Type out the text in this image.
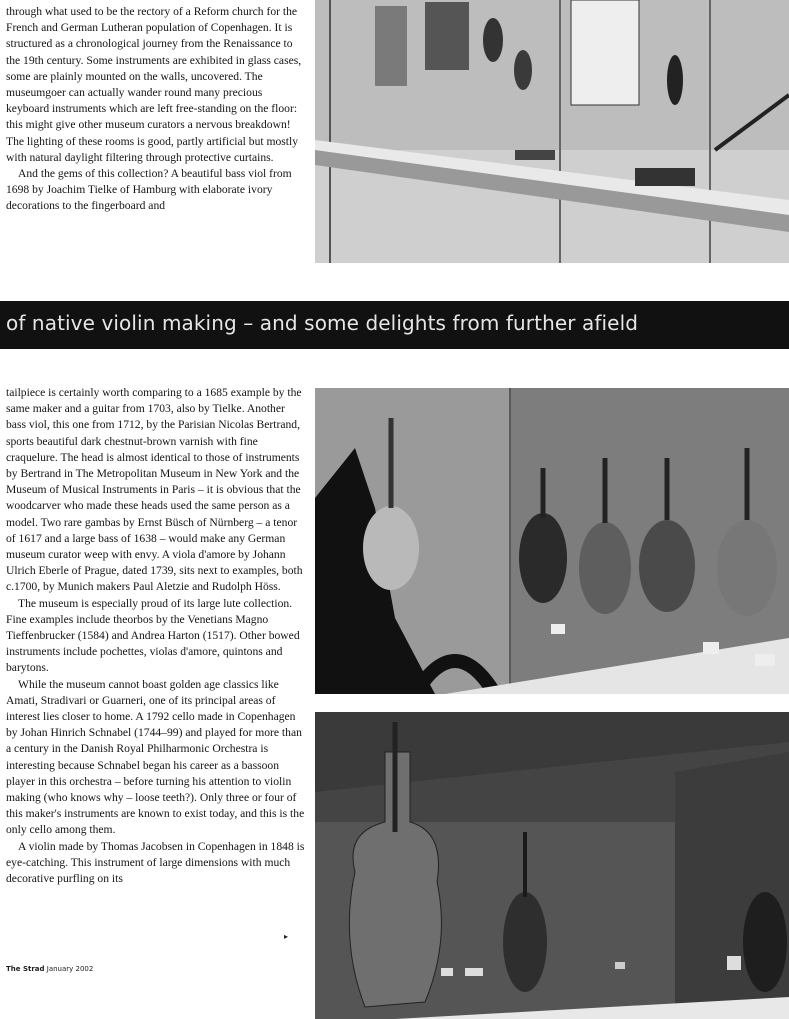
through what used to be the rectory of a Reform church for the French and German Lutheran population of Copenhagen. It is structured as a chronological journey from the Renaissance to the 19th century. Some instruments are exhibited in glass cases, some are plainly mounted on the walls, uncovered. The museumgoer can actually wander round many precious keyboard instruments which are left free-standing on the floor: this might give other museum curators a nervous breakdown! The lighting of these rooms is good, partly artificial but mostly with natural daylight filtering through protective curtains.

And the gems of this collection? A beautiful bass viol from 1698 by Joachim Tielke of Hamburg with elaborate ivory decorations to the fingerboard and

of native violin making – and some delights from further afield

tailpiece is certainly worth comparing to a 1685 example by the same maker and a guitar from 1703, also by Tielke. Another bass viol, this one from 1712, by the Parisian Nicolas Bertrand, sports beautiful dark chestnut-brown varnish with fine craquelure. The head is almost identical to those of instruments by Bertrand in The Metropolitan Museum in New York and the Museum of Musical Instruments in Paris – it is obvious that the woodcarver who made these heads used the same person as a model. Two rare gambas by Ernst Büsch of Nürnberg – a tenor of 1617 and a large bass of 1638 – would make any German museum curator weep with envy. A viola d'amore by Johann Ulrich Eberle of Prague, dated 1739, sits next to examples, both c.1700, by Munich makers Paul Aletzie and Rudolph Höss.

The museum is especially proud of its large lute collection. Fine examples include theorbos by the Venetians Magno Tieffenbrucker (1584) and Andrea Harton (1517). Other bowed instruments include pochettes, violas d'amore, quintons and barytons.

While the museum cannot boast golden age classics like Amati, Stradivari or Guarneri, one of its principal areas of interest lies closer to home. A 1792 cello made in Copenhagen by Johan Hinrich Schnabel (1744–99) and played for more than a century in the Danish Royal Philharmonic Orchestra is interesting because Schnabel began his career as a bassoon player in this orchestra – before turning his attention to violin making (who knows why – loose teeth?). Only three or four of this maker's instruments are known to exist today, and this is the only cello among them.

A violin made by Thomas Jacobsen in Copenhagen in 1848 is eye-catching. This instrument of large dimensions with much decorative purfling on its

▸
The Strad January 2002
